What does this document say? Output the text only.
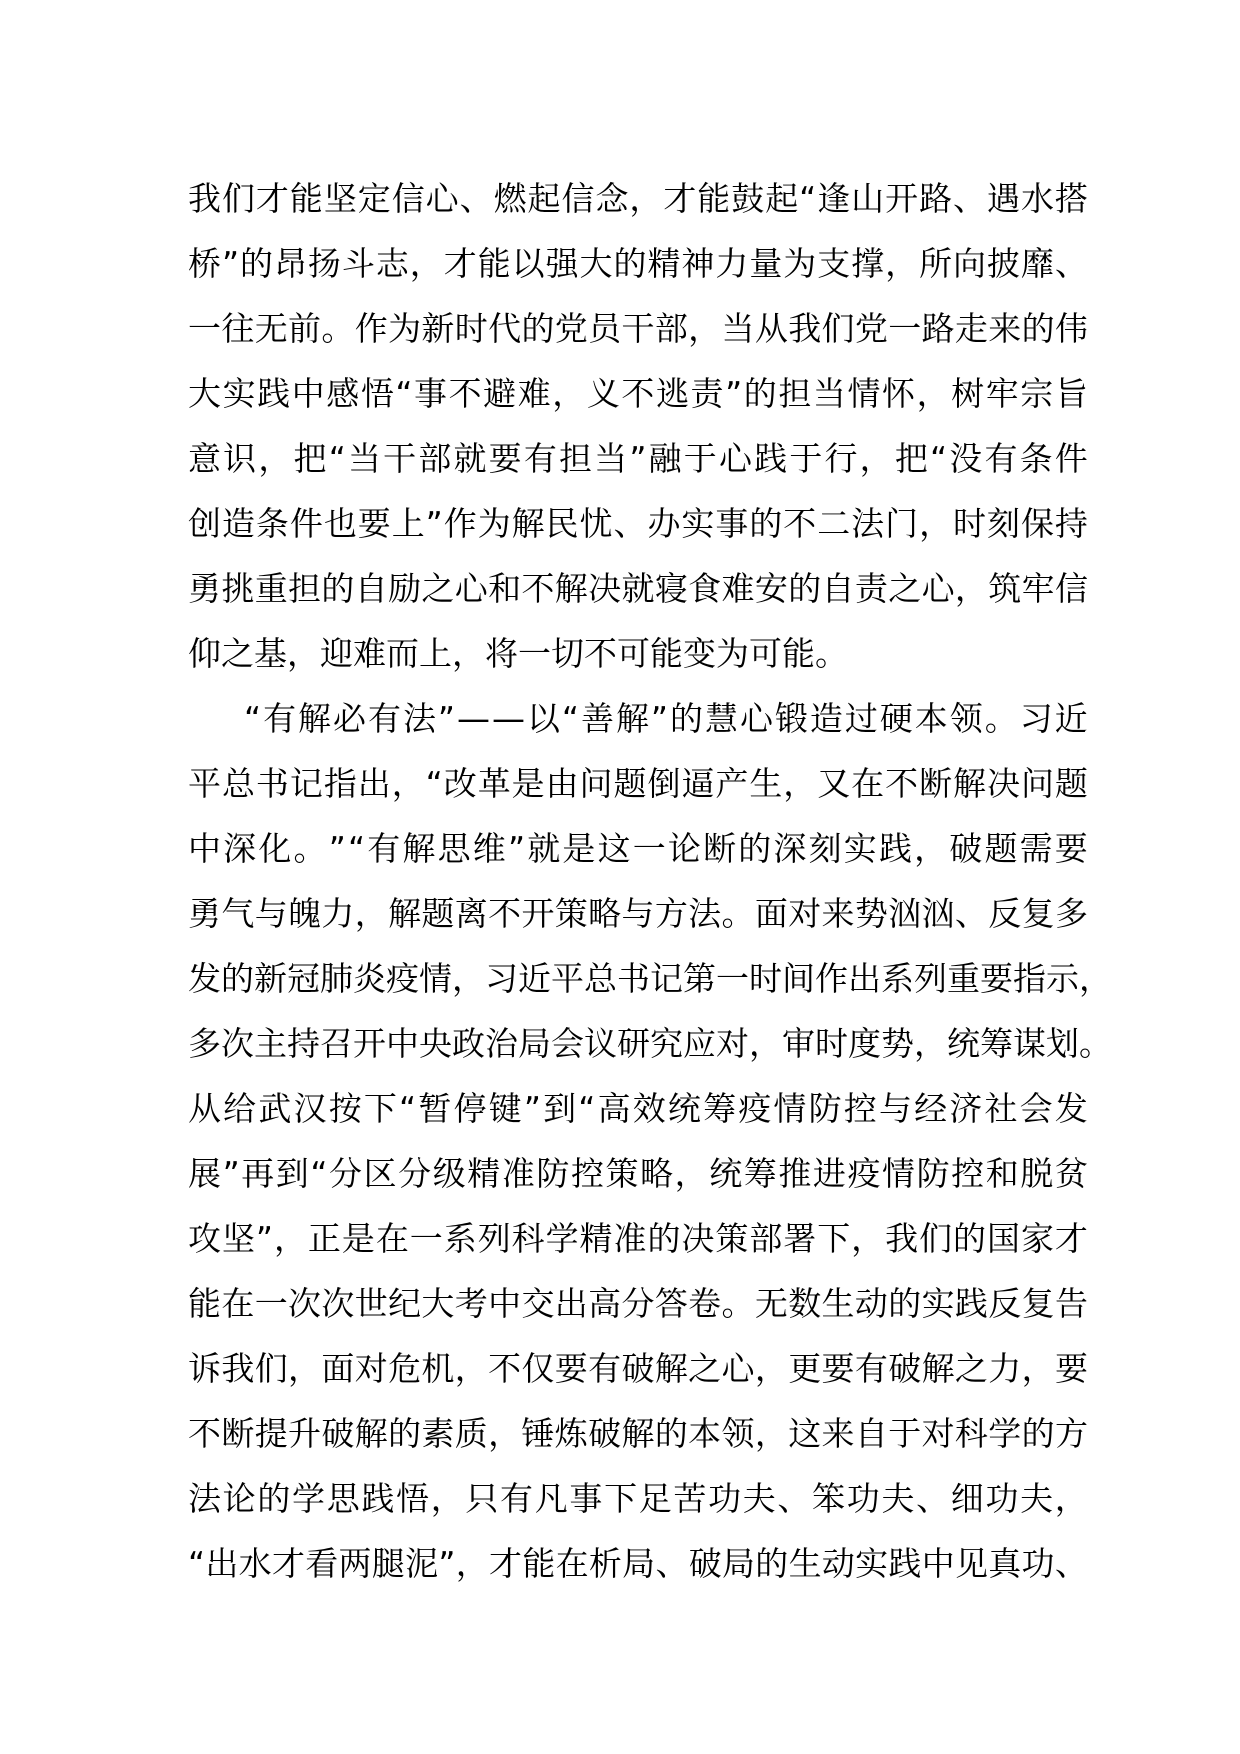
我 们 才 能 坚 定 信 心 、 燃 起 信 念 ， 才 能 鼓 起 “ 逢 山 开 路 、 遇 水 搭
桥 ” 的 昂 扬 斗 志 ， 才 能 以 强 大 的 精 神 力 量 为 支 撑 ， 所 向 披 靡 、
一 往 无 前 。 作 为 新 时 代 的 党 员 干 部 ， 当 从 我 们 党 一 路 走 来 的 伟
大 实 践 中 感 悟 “ 事 不 避 难 ， 义 不 逃 责 ” 的 担 当 情 怀 ， 树 牢 宗 旨
意 识 ， 把 “ 当 干 部 就 要 有 担 当 ” 融 于 心 践 于 行 ， 把 “ 没 有 条 件
创 造 条 件 也 要 上 ” 作 为 解 民 忧 、 办 实 事 的 不 二 法 门 ， 时 刻 保 持
勇 挑 重 担 的 自 励 之 心 和 不 解 决 就 寝 食 难 安 的 自 责 之 心 ， 筑 牢 信
仰之基，迎难而上，将一切不可能变为可能。
“ 有 解 必 有 法 ” — — 以 “ 善 解 ” 的 慧 心 锻 造 过 硬 本 领 。 习 近
平 总 书 记 指 出 ， “ 改 革 是 由 问 题 倒 逼 产 生 ， 又 在 不 断 解 决 问 题
中 深 化 。 ” “ 有 解 思 维 ” 就 是 这 一 论 断 的 深 刻 实 践 ， 破 题 需 要
勇 气 与 魄 力 ， 解 题 离 不 开 策 略 与 方 法 。 面 对 来 势 汹 汹 、 反 复 多
发 的 新 冠 肺 炎 疫 情 ， 习 近 平 总 书 记 第 一 时 间 作 出 系 列 重 要 指 示 ，
多 次 主 持 召 开 中 央 政 治 局 会 议 研 究 应 对 ， 审 时 度 势 ， 统 筹 谋 划 。
从 给 武 汉 按 下 “ 暂 停 键 ” 到 “ 高 效 统 筹 疫 情 防 控 与 经 济 社 会 发
展 ” 再 到 “ 分 区 分 级 精 准 防 控 策 略 ， 统 筹 推 进 疫 情 防 控 和 脱 贫
攻 坚 ” ， 正 是 在 一 系 列 科 学 精 准 的 决 策 部 署 下 ， 我 们 的 国 家 才
能 在 一 次 次 世 纪 大 考 中 交 出 高 分 答 卷 。 无 数 生 动 的 实 践 反 复 告
诉 我 们 ， 面 对 危 机 ， 不 仅 要 有 破 解 之 心 ， 更 要 有 破 解 之 力 ， 要
不 断 提 升 破 解 的 素 质 ， 锤 炼 破 解 的 本 领 ， 这 来 自 于 对 科 学 的 方
法 论 的 学 思 践 悟 ， 只 有 凡 事 下 足 苦 功 夫 、 笨 功 夫 、 细 功 夫 ，
“ 出 水 才 看 两 腿 泥 ” ， 才 能 在 析 局 、 破 局 的 生 动 实 践 中 见 真 功 、
